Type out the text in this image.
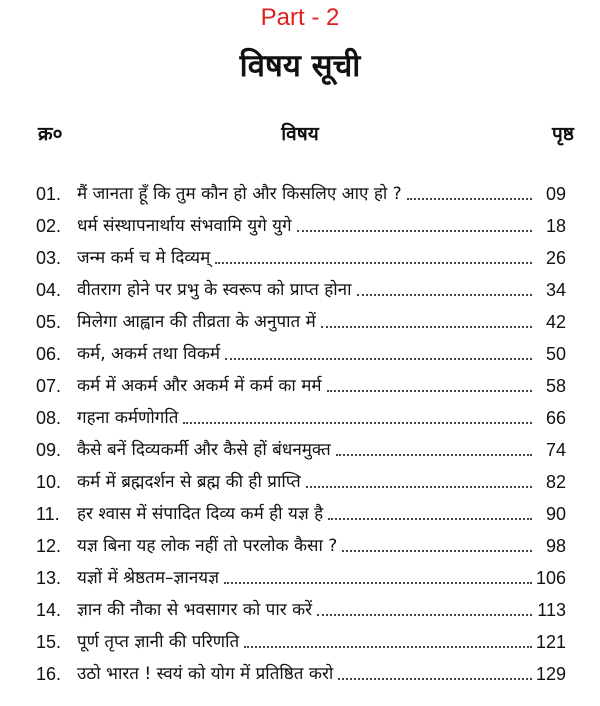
Part - 2
विषय सूची
क्र०	विषय	पृष्ठ
01. मैं जानता हूँ कि तुम कौन हो और किसलिए आए हो ?	09
02. धर्म संस्थापनार्थाय संभवामि युगे युगे	18
03. जन्म कर्म च मे दिव्यम्	26
04. वीतराग होने पर प्रभु के स्वरूप को प्राप्त होना	34
05. मिलेगा आह्वान की तीव्रता के अनुपात में	42
06. कर्म, अकर्म तथा विकर्म	50
07. कर्म में अकर्म और अकर्म में कर्म का मर्म	58
08. गहना कर्मणोगति	66
09. कैसे बनें दिव्यकर्मी और कैसे हों बंधनमुक्त	74
10. कर्म में ब्रह्मदर्शन से ब्रह्म की ही प्राप्ति	82
11.	हर श्वास में संपादित दिव्य कर्म ही यज्ञ है	90
12. यज्ञ बिना यह लोक नहीं तो परलोक कैसा ?	98
13. यज्ञों में श्रेष्ठतम–ज्ञानयज्ञ	106
14. ज्ञान की नौका से भवसागर को पार करें	113
15. पूर्ण तृप्त ज्ञानी की परिणति	121
16. उठो भारत ! स्वयं को योग में प्रतिष्ठित करो	129
